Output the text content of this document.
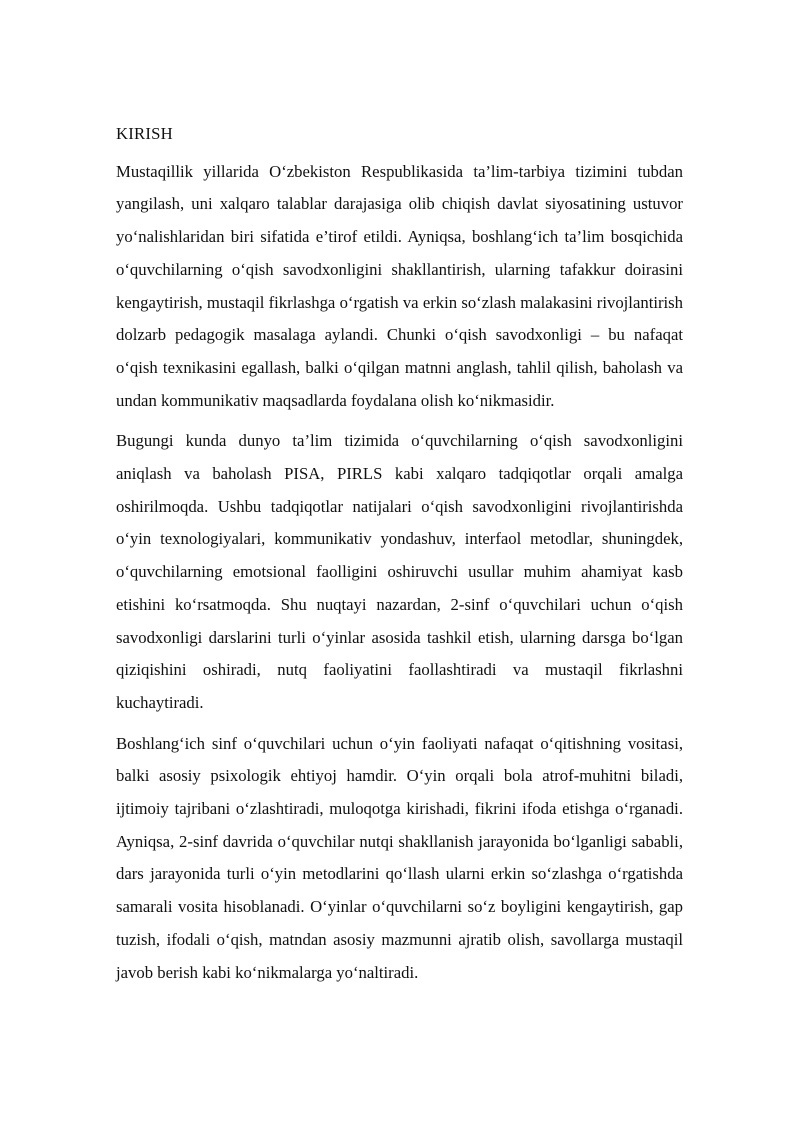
KIRISH

Mustaqillik yillarida O‘zbekiston Respublikasida ta’lim-tarbiya tizimini tubdan yangilash, uni xalqaro talablar darajasiga olib chiqish davlat siyosatining ustuvor yo‘nalishlaridan biri sifatida e’tirof etildi. Ayniqsa, boshlang‘ich ta’lim bosqichida o‘quvchilarning o‘qish savodxonligini shakllantirish, ularning tafakkur doirasini kengaytirish, mustaqil fikrlashga o‘rgatish va erkin so‘zlash malakasini rivojlantirish dolzarb pedagogik masalaga aylandi. Chunki o‘qish savodxonligi – bu nafaqat o‘qish texnikasini egallash, balki o‘qilgan matnni anglash, tahlil qilish, baholash va undan kommunikativ maqsadlarda foydalana olish ko‘nikmasidir.

Bugungi kunda dunyo ta’lim tizimida o‘quvchilarning o‘qish savodxonligini aniqlash va baholash PISA, PIRLS kabi xalqaro tadqiqotlar orqali amalga oshirilmoqda. Ushbu tadqiqotlar natijalari o‘qish savodxonligini rivojlantirishda o‘yin texnologiyalari, kommunikativ yondashuv, interfaol metodlar, shuningdek, o‘quvchilarning emotsional faolligini oshiruvchi usullar muhim ahamiyat kasb etishini ko‘rsatmoqda. Shu nuqtayi nazardan, 2-sinf o‘quvchilari uchun o‘qish savodxonligi darslarini turli o‘yinlar asosida tashkil etish, ularning darsga bo‘lgan qiziqishini oshiradi, nutq faoliyatini faollashtiradi va mustaqil fikrlashni kuchaytiradi.

Boshlang‘ich sinf o‘quvchilari uchun o‘yin faoliyati nafaqat o‘qitishning vositasi, balki asosiy psixologik ehtiyoj hamdir. O‘yin orqali bola atrof-muhitni biladi, ijtimoiy tajribani o‘zlashtiradi, muloqotga kirishadi, fikrini ifoda etishga o‘rganadi. Ayniqsa, 2-sinf davrida o‘quvchilar nutqi shakllanish jarayonida bo‘lganligi sababli, dars jarayonida turli o‘yin metodlarini qo‘llash ularni erkin so‘zlashga o‘rgatishda samarali vosita hisoblanadi. O‘yinlar o‘quvchilarni so‘z boyligini kengaytirish, gap tuzish, ifodali o‘qish, matndan asosiy mazmunni ajratib olish, savollarga mustaqil javob berish kabi ko‘nikmalarga yo‘naltiradi.
